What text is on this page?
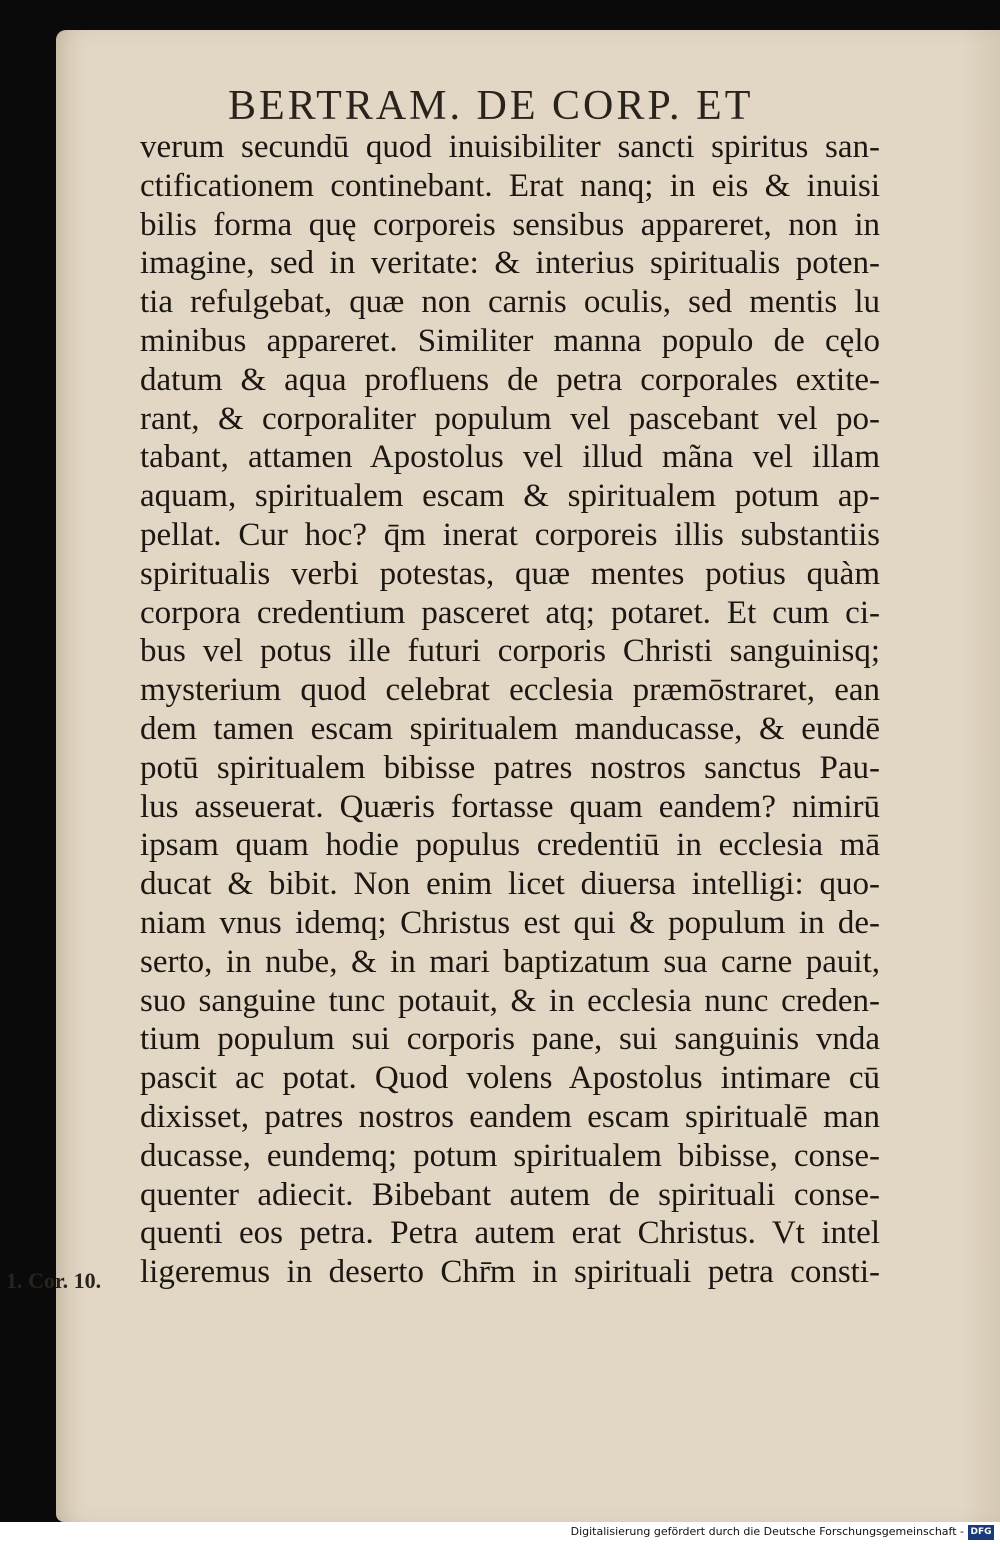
BERTRAM. DE CORP. ET
verum secundū quod inuisibiliter sancti spiritus san-
ctificationem continebant. Erat nanq; in eis & inuisi
bilis forma quę corporeis sensibus appareret, non in
imagine, sed in veritate: & interius spiritualis poten-
tia refulgebat, quæ non carnis oculis, sed mentis lu
minibus appareret. Similiter manna populo de cęlo
datum & aqua profluens de petra corporales extite-
rant, & corporaliter populum vel pascebant vel po-
tabant, attamen Apostolus vel illud mãna vel illam
aquam, spiritualem escam & spiritualem potum ap-
pellat. Cur hoc? q̄m inerat corporeis illis substantiis
spiritualis verbi potestas, quæ mentes potius quàm
corpora credentium pasceret atq; potaret. Et cum ci-
bus vel potus ille futuri corporis Christi sanguinisq;
mysterium quod celebrat ecclesia præmōstraret, ean
dem tamen escam spiritualem manducasse, & eundē
potū spiritualem bibisse patres nostros sanctus Pau-
lus asseuerat. Quæris fortasse quam eandem? nimirū
ipsam quam hodie populus credentiū in ecclesia mā
ducat & bibit. Non enim licet diuersa intelligi: quo-
niam vnus idemq; Christus est qui & populum in de-
serto, in nube, & in mari baptizatum sua carne pauit,
suo sanguine tunc potauit, & in ecclesia nunc creden-
tium populum sui corporis pane, sui sanguinis vnda
pascit ac potat. Quod volens Apostolus intimare cū
dixisset, patres nostros eandem escam spiritualē man
ducasse, eundemq; potum spiritualem bibisse, conse-
quenter adiecit. Bibebant autem de spirituali conse-
quenti eos petra. Petra autem erat Christus. Vt intel
ligeremus in deserto Chr̄m in spirituali petra consti-
1. Cor. 10.
Digitalisierung gefördert durch die Deutsche Forschungsgemeinschaft - DFG
